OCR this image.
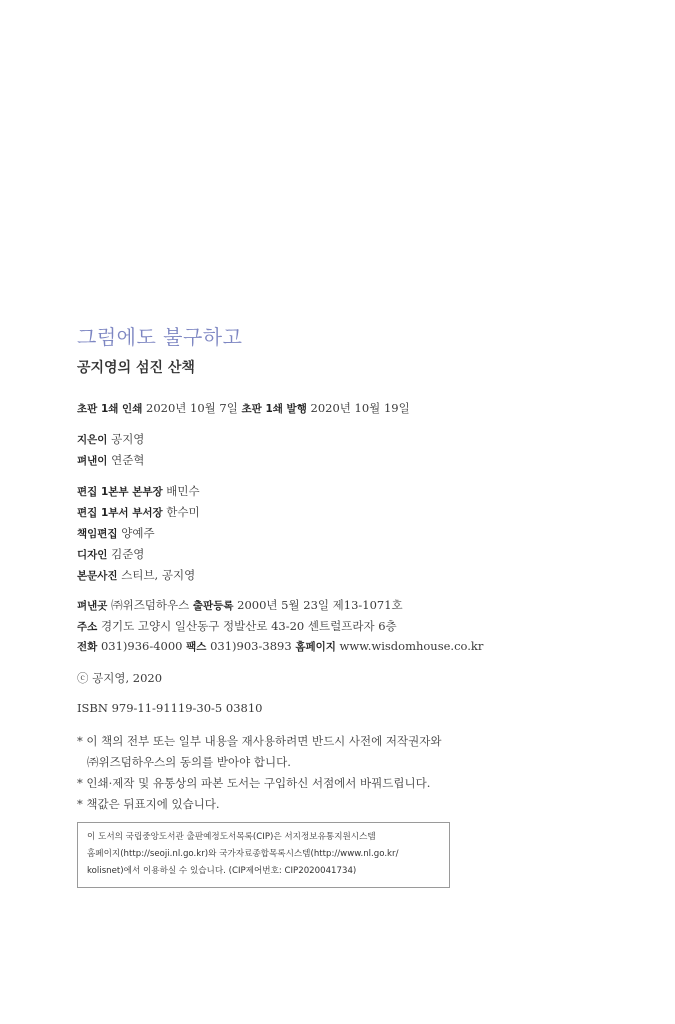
그럼에도 불구하고
공지영의 섬진 산책
초판 1쇄 인쇄 2020년 10월 7일 초판 1쇄 발행 2020년 10월 19일
지은이 공지영
펴낸이 연준혁
편집 1본부 본부장 배민수
편집 1부서 부서장 한수미
책임편집 양예주
디자인 김준영
본문사진 스티브, 공지영
펴낸곳 ㈜위즈덤하우스 출판등록 2000년 5월 23일 제13-1071호
주소 경기도 고양시 일산동구 정발산로 43-20 센트럴프라자 6층
전화 031)936-4000 팩스 031)903-3893 홈페이지 www.wisdomhouse.co.kr
ⓒ 공지영, 2020
ISBN 979-11-91119-30-5 03810
* 이 책의 전부 또는 일부 내용을 재사용하려면 반드시 사전에 저작권자와
㈜위즈덤하우스의 동의를 받아야 합니다.
* 인쇄·제작 및 유통상의 파본 도서는 구입하신 서점에서 바꿔드립니다.
* 책값은 뒤표지에 있습니다.
이 도서의 국립중앙도서관 출판예정도서목록(CIP)은 서지정보유통지원시스템
홈페이지(http://seoji.nl.go.kr)와 국가자료종합목록시스템(http://www.nl.go.kr/
kolisnet)에서 이용하실 수 있습니다. (CIP제어번호: CIP2020041734)
